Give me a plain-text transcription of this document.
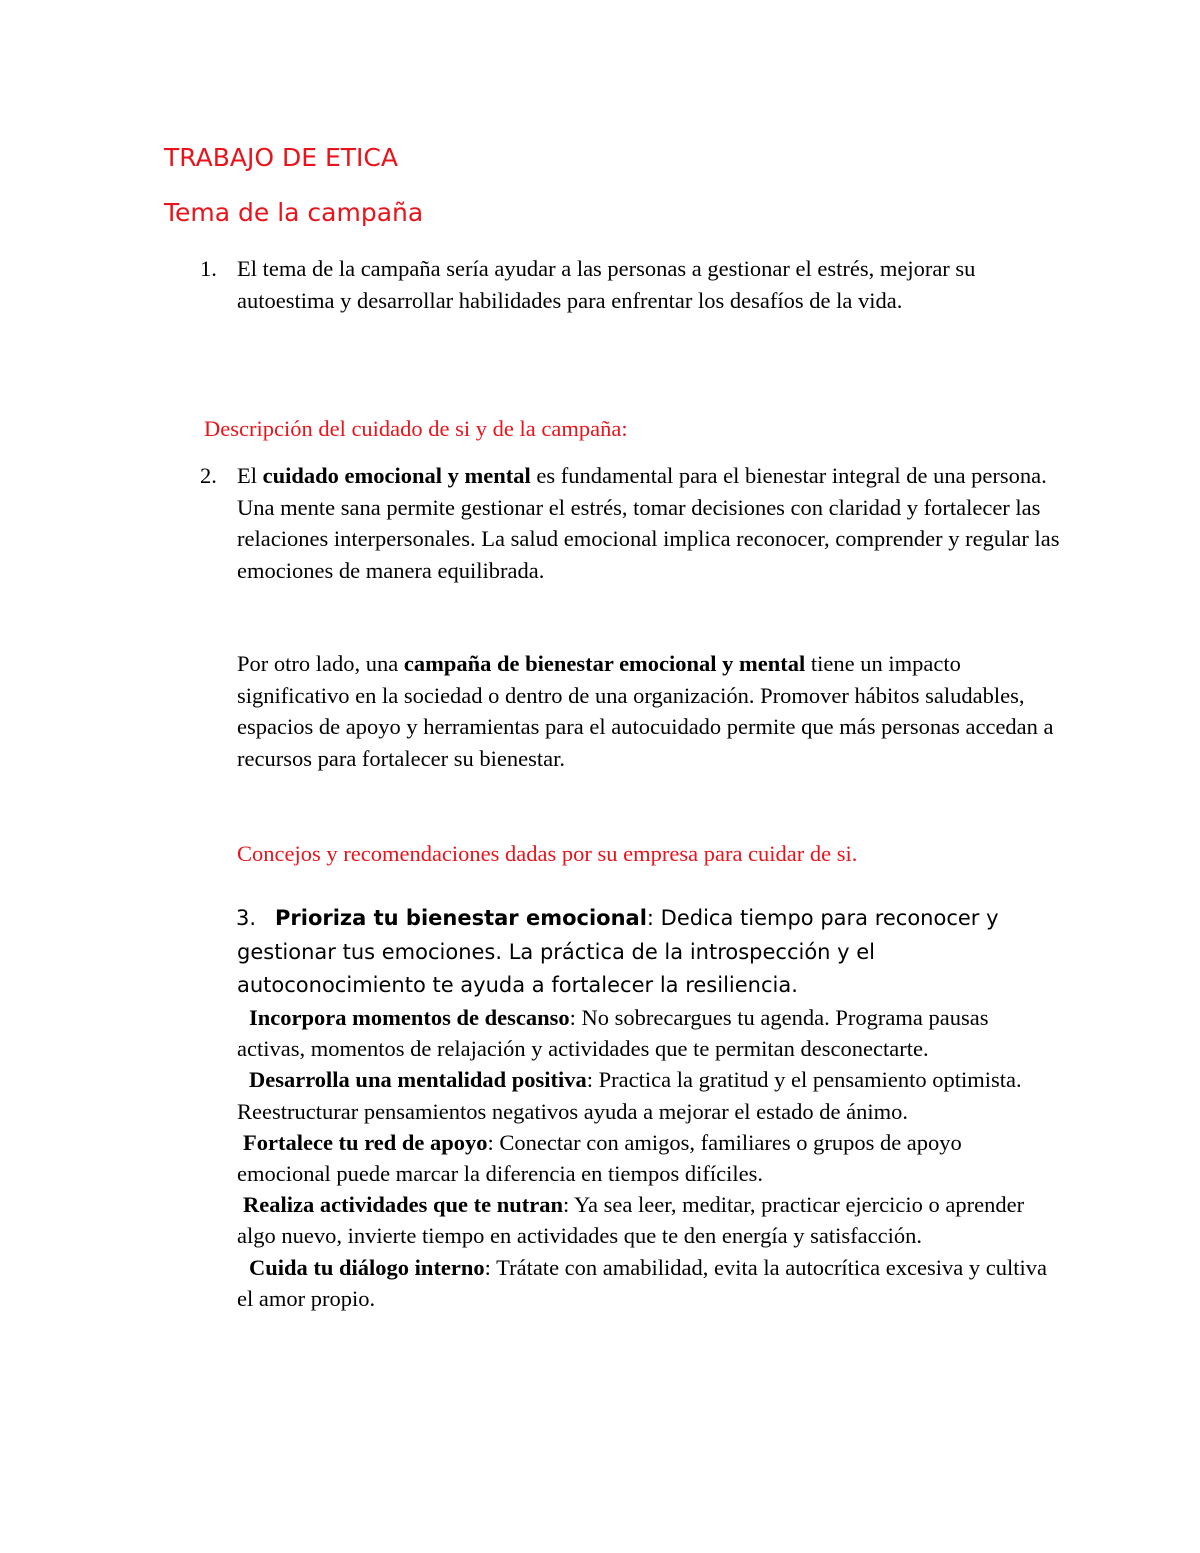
TRABAJO DE ETICA
Tema de la campaña
1. El tema de la campaña sería ayudar a las personas a gestionar el estrés, mejorar su autoestima y desarrollar habilidades para enfrentar los desafíos de la vida.

Descripción del cuidado de si y de la campaña:

2. El cuidado emocional y mental es fundamental para el bienestar integral de una persona. Una mente sana permite gestionar el estrés, tomar decisiones con claridad y fortalecer las relaciones interpersonales. La salud emocional implica reconocer, comprender y regular las emociones de manera equilibrada.

Por otro lado, una campaña de bienestar emocional y mental tiene un impacto significativo en la sociedad o dentro de una organización. Promover hábitos saludables, espacios de apoyo y herramientas para el autocuidado permite que más personas accedan a recursos para fortalecer su bienestar.

Concejos y recomendaciones dadas por su empresa para cuidar de si.

3. Prioriza tu bienestar emocional: Dedica tiempo para reconocer y gestionar tus emociones. La práctica de la introspección y el autoconocimiento te ayuda a fortalecer la resiliencia.

Incorpora momentos de descanso: No sobrecargues tu agenda. Programa pausas activas, momentos de relajación y actividades que te permitan desconectarte.

Desarrolla una mentalidad positiva: Practica la gratitud y el pensamiento optimista. Reestructurar pensamientos negativos ayuda a mejorar el estado de ánimo.

Fortalece tu red de apoyo: Conectar con amigos, familiares o grupos de apoyo emocional puede marcar la diferencia en tiempos difíciles.

Realiza actividades que te nutran: Ya sea leer, meditar, practicar ejercicio o aprender algo nuevo, invierte tiempo en actividades que te den energía y satisfacción.

Cuida tu diálogo interno: Trátate con amabilidad, evita la autocrítica excesiva y cultiva el amor propio.
